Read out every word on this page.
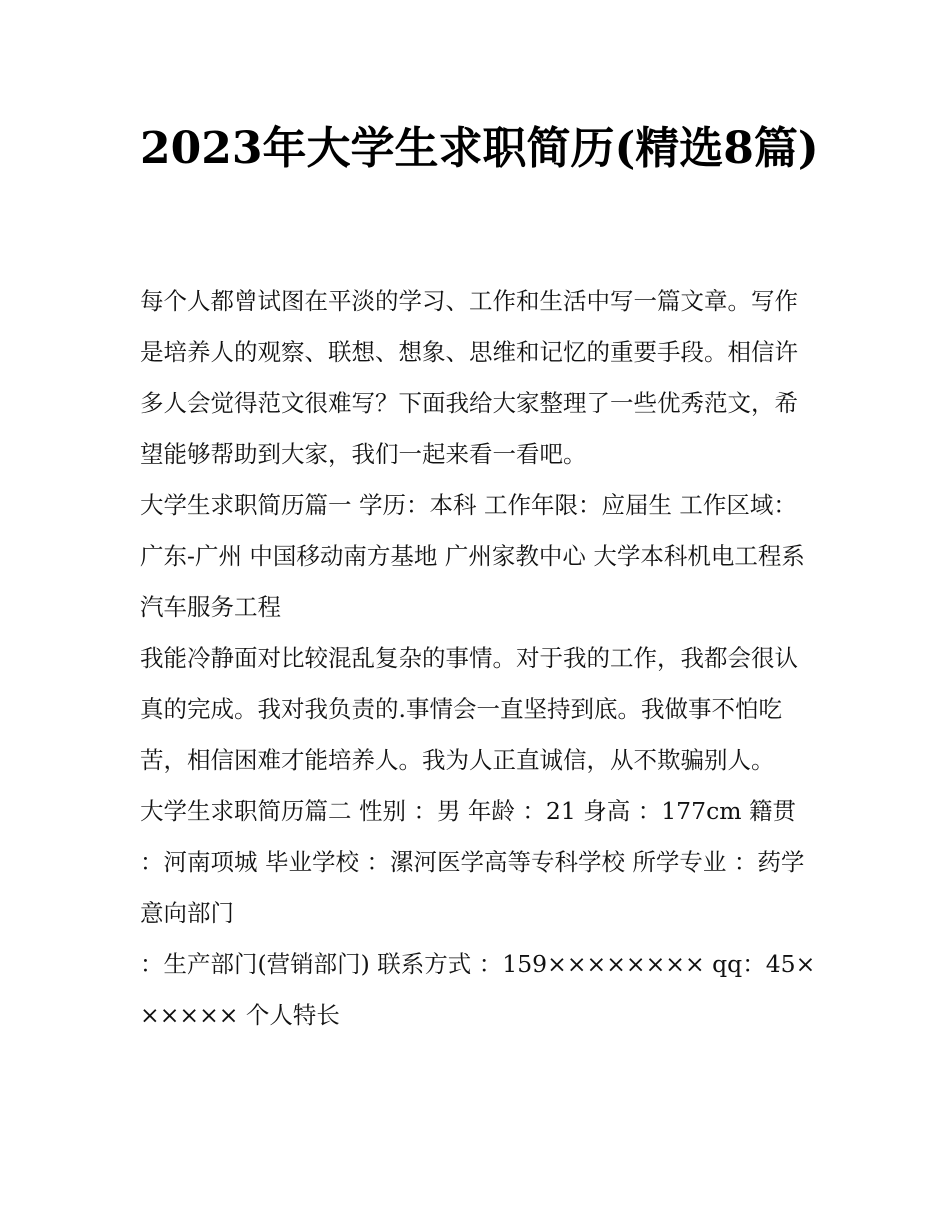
2023年大学生求职简历(精选8篇)

每个人都曾试图在平淡的学习、工作和生活中写一篇文章。写作是培养人的观察、联想、想象、思维和记忆的重要手段。相信许多人会觉得范文很难写？下面我给大家整理了一些优秀范文，希望能够帮助到大家，我们一起来看一看吧。

大学生求职简历篇一 学历：本科 工作年限：应届生 工作区域：广东-广州 中国移动南方基地 广州家教中心 大学本科机电工程系汽车服务工程

我能冷静面对比较混乱复杂的事情。对于我的工作，我都会很认真的完成。我对我负责的.事情会一直坚持到底。我做事不怕吃苦，相信困难才能培养人。我为人正直诚信，从不欺骗别人。

大学生求职简历篇二 性别 ：男 年龄 ：21 身高 ：177cm 籍贯 ：河南项城 毕业学校 ：漯河医学高等专科学校 所学专业 ：药学 意向部门

：生产部门(营销部门) 联系方式 ：159×××××××× qq：45×××××× 个人特长
